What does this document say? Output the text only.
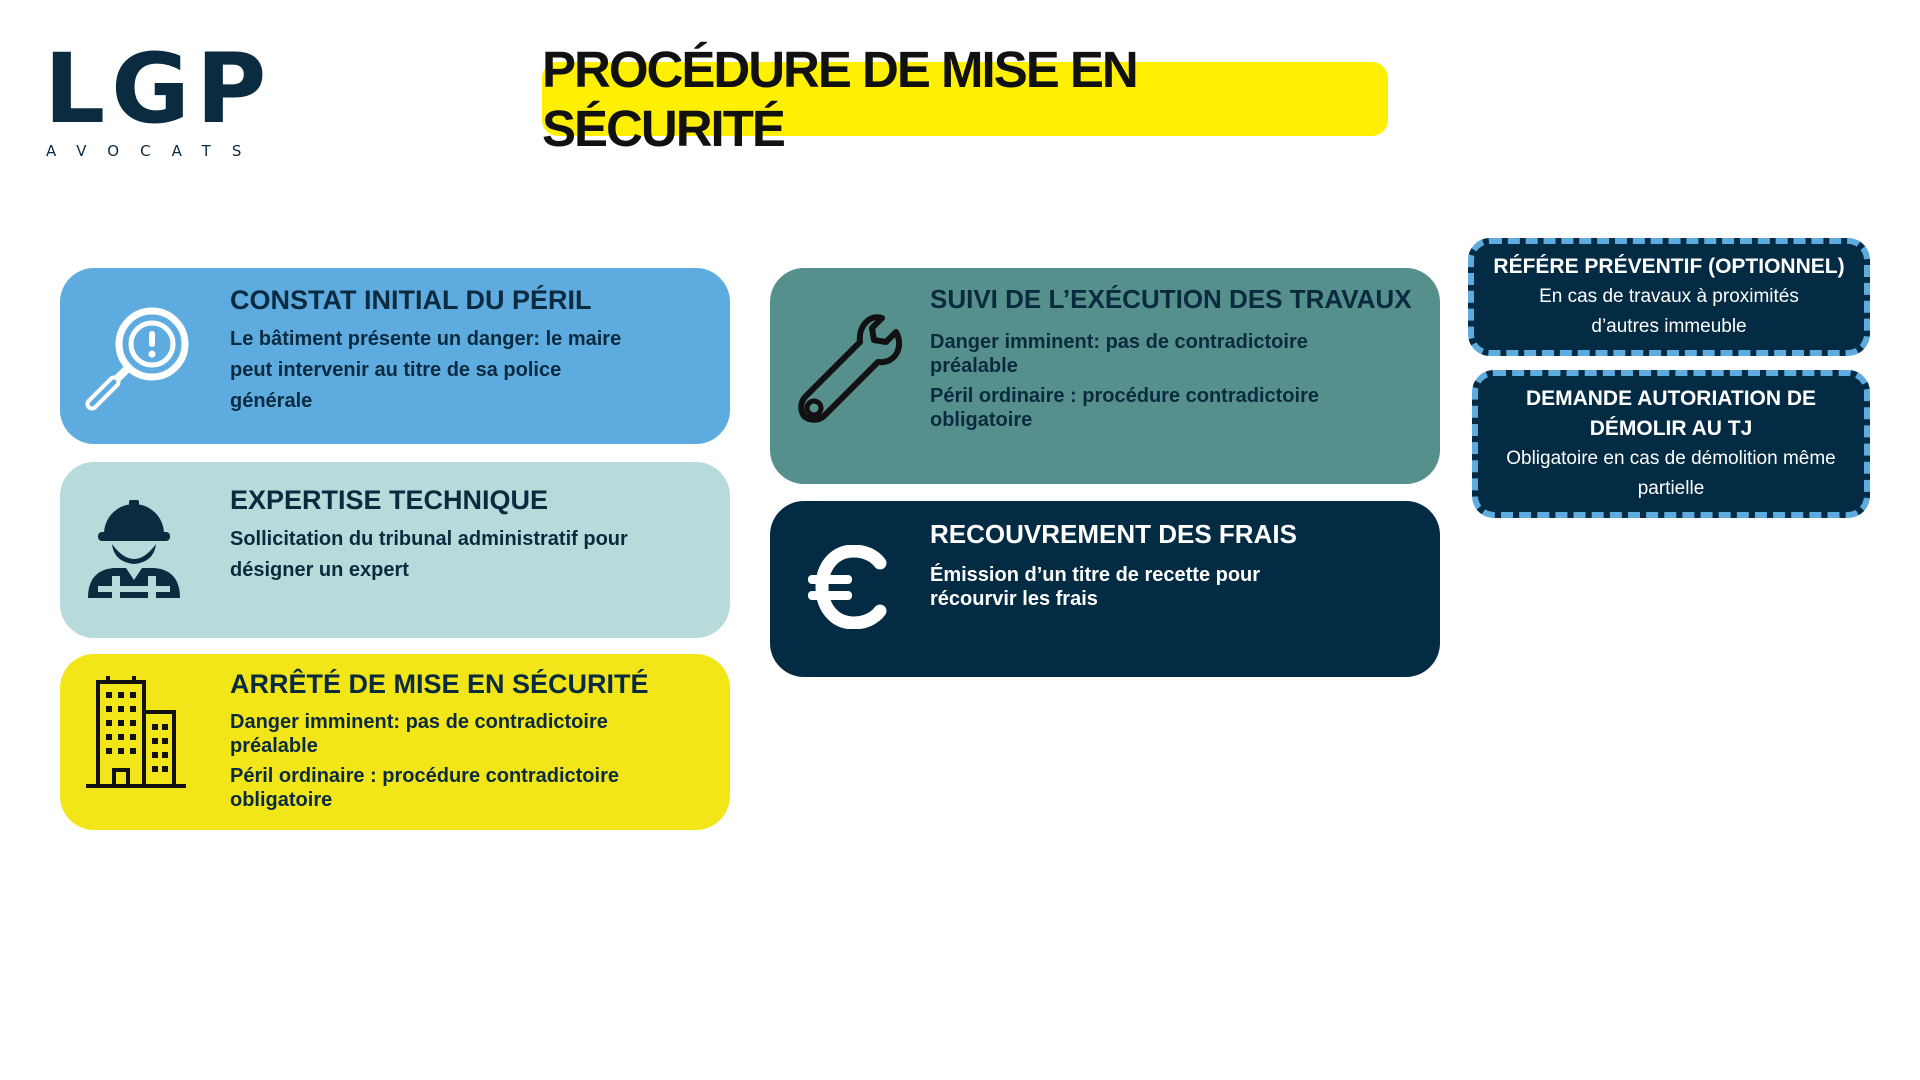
LGP
AVOCATS
PROCÉDURE DE MISE EN SÉCURITÉ
CONSTAT INITIAL DU PÉRIL

Le bâtiment présente un danger: le maire

peut intervenir au titre de sa police

générale

EXPERTISE TECHNIQUE

Sollicitation du tribunal administratif pour

désigner un expert

ARRÊTÉ DE MISE EN SÉCURITÉ

Danger imminent: pas de contradictoire

préalable

Péril ordinaire : procédure contradictoire

obligatoire

SUIVI DE L’EXÉCUTION DES TRAVAUX

Danger imminent: pas de contradictoire

préalable

Péril ordinaire : procédure contradictoire

obligatoire

RECOUVREMENT DES FRAIS

Émission d’un titre de recette pour

récourvir les frais

RÉFÉRE PRÉVENTIF (OPTIONNEL)

En cas de travaux à proximités

d’autres immeuble

DEMANDE AUTORIATION DE
DÉMOLIR AU TJ

Obligatoire en cas de démolition même

partielle
